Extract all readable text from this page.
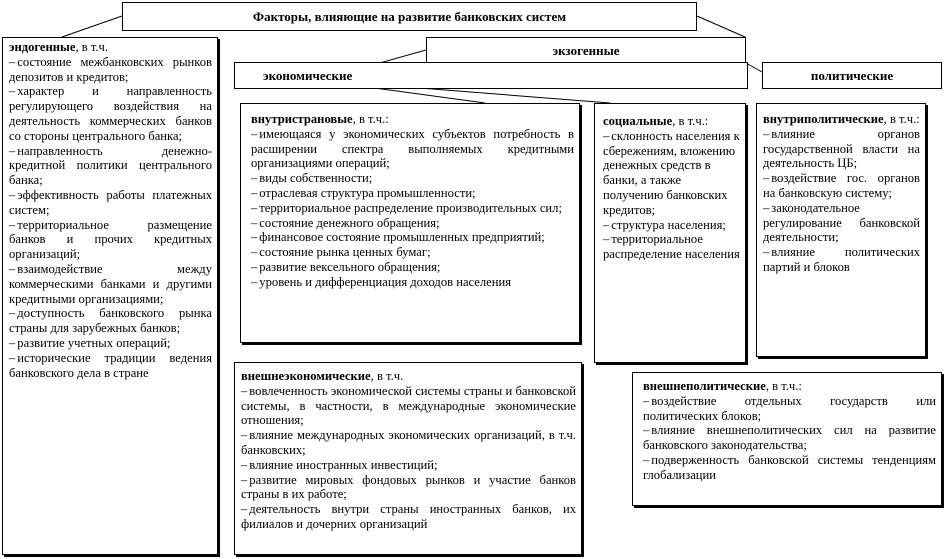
Факторы, влияющие на развитие банковских систем
экзогенные
экономические	политические

эндогенные, в т.ч.

– состояние межбанковских рынков депозитов и кредитов;
– характер и направленность регулирующего воздействия на деятельность коммерческих банков со стороны центрального банка;
– направленность денежно-кредитной политики центрального банка;
– эффективность работы платежных систем;
– территориальное размещение банков и прочих кредитных организаций;
– взаимодействие между коммерческими банками и другими кредитными организациями;
– доступность банковского рынка страны для зарубежных банков;
– развитие учетных операций;
– исторические традиции ведения банковского дела в стране

внутристрановые, в т.ч.:

– имеющаяся у экономических субъектов потребность в расширении спектра выполняемых кредитными организациями операций;
– виды собственности;
– отраслевая структура промышленности;
– территориальное распределение производительных сил;
– состояние денежного обращения;
– финансовое состояние промышленных предприятий;
– состояние рынка ценных бумаг;
– развитие вексельного обращения;
– уровень и дифференциация доходов населения

внешнеэкономические, в т.ч.

– вовлеченность экономической системы страны и банковской системы, в частности, в международные экономические отношения;
– влияние международных экономических организаций, в т.ч. банковских;
– влияние иностранных инвестиций;
– развитие мировых фондовых рынков и участие банков страны в их работе;
– деятельность внутри страны иностранных банков, их филиалов и дочерних организаций

социальные, в т.ч.:

– склонность населения к сбережениям, вложению денежных средств в банки, а также получению банковских кредитов;
– структура населения;
– территориальное распределение населения

внутриполитические, в т.ч.:

– влияние органов государственной власти на деятельность ЦБ;
– воздействие гос. органов на банковскую систему;
– законодательное регулирование банковской деятельности;
– влияние политических партий и блоков

внешнеполитические, в т.ч.:

– воздействие отдельных государств или политических блоков;
– влияние внешнеполитических сил на развитие банковского законодательства;
– подверженность банковской системы тенденциям глобализации
